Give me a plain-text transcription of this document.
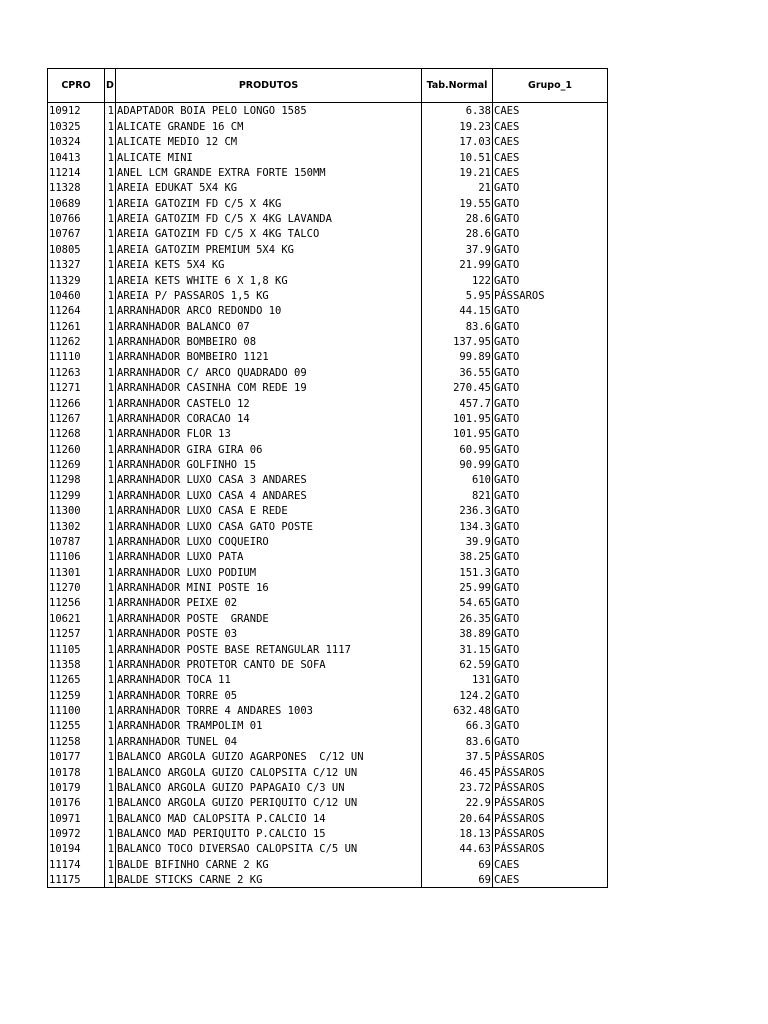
CPRO	D	PRODUTOS	Tab.Normal	Grupo_1
10912	1	ADAPTADOR BOIA PELO LONGO 1585	6.38	CAES
10325	1	ALICATE GRANDE 16 CM	19.23	CAES
10324	1	ALICATE MEDIO 12 CM	17.03	CAES
10413	1	ALICATE MINI	10.51	CAES
11214	1	ANEL LCM GRANDE EXTRA FORTE 150MM	19.21	CAES
11328	1	AREIA EDUKAT 5X4 KG	21	GATO
10689	1	AREIA GATOZIM FD C/5 X 4KG	19.55	GATO
10766	1	AREIA GATOZIM FD C/5 X 4KG LAVANDA	28.6	GATO
10767	1	AREIA GATOZIM FD C/5 X 4KG TALCO	28.6	GATO
10805	1	AREIA GATOZIM PREMIUM 5X4 KG	37.9	GATO
11327	1	AREIA KETS 5X4 KG	21.99	GATO
11329	1	AREIA KETS WHITE 6 X 1,8 KG	122	GATO
10460	1	AREIA P/ PASSAROS 1,5 KG	5.95	PÁSSAROS
11264	1	ARRANHADOR ARCO REDONDO 10	44.15	GATO
11261	1	ARRANHADOR BALANCO 07	83.6	GATO
11262	1	ARRANHADOR BOMBEIRO 08	137.95	GATO
11110	1	ARRANHADOR BOMBEIRO 1121	99.89	GATO
11263	1	ARRANHADOR C/ ARCO QUADRADO 09	36.55	GATO
11271	1	ARRANHADOR CASINHA COM REDE 19	270.45	GATO
11266	1	ARRANHADOR CASTELO 12	457.7	GATO
11267	1	ARRANHADOR CORACAO 14	101.95	GATO
11268	1	ARRANHADOR FLOR 13	101.95	GATO
11260	1	ARRANHADOR GIRA GIRA 06	60.95	GATO
11269	1	ARRANHADOR GOLFINHO 15	90.99	GATO
11298	1	ARRANHADOR LUXO CASA 3 ANDARES	610	GATO
11299	1	ARRANHADOR LUXO CASA 4 ANDARES	821	GATO
11300	1	ARRANHADOR LUXO CASA E REDE	236.3	GATO
11302	1	ARRANHADOR LUXO CASA GATO POSTE	134.3	GATO
10787	1	ARRANHADOR LUXO COQUEIRO	39.9	GATO
11106	1	ARRANHADOR LUXO PATA	38.25	GATO
11301	1	ARRANHADOR LUXO PODIUM	151.3	GATO
11270	1	ARRANHADOR MINI POSTE 16	25.99	GATO
11256	1	ARRANHADOR PEIXE 02	54.65	GATO
10621	1	ARRANHADOR POSTE  GRANDE	26.35	GATO
11257	1	ARRANHADOR POSTE 03	38.89	GATO
11105	1	ARRANHADOR POSTE BASE RETANGULAR 1117	31.15	GATO
11358	1	ARRANHADOR PROTETOR CANTO DE SOFA	62.59	GATO
11265	1	ARRANHADOR TOCA 11	131	GATO
11259	1	ARRANHADOR TORRE 05	124.2	GATO
11100	1	ARRANHADOR TORRE 4 ANDARES 1003	632.48	GATO
11255	1	ARRANHADOR TRAMPOLIM 01	66.3	GATO
11258	1	ARRANHADOR TUNEL 04	83.6	GATO
10177	1	BALANCO ARGOLA GUIZO AGARPONES  C/12 UN	37.5	PÁSSAROS
10178	1	BALANCO ARGOLA GUIZO CALOPSITA C/12 UN	46.45	PÁSSAROS
10179	1	BALANCO ARGOLA GUIZO PAPAGAIO C/3 UN	23.72	PÁSSAROS
10176	1	BALANCO ARGOLA GUIZO PERIQUITO C/12 UN	22.9	PÁSSAROS
10971	1	BALANCO MAD CALOPSITA P.CALCIO 14	20.64	PÁSSAROS
10972	1	BALANCO MAD PERIQUITO P.CALCIO 15	18.13	PÁSSAROS
10194	1	BALANCO TOCO DIVERSAO CALOPSITA C/5 UN	44.63	PÁSSAROS
11174	1	BALDE BIFINHO CARNE 2 KG	69	CAES
11175	1	BALDE STICKS CARNE 2 KG	69	CAES
